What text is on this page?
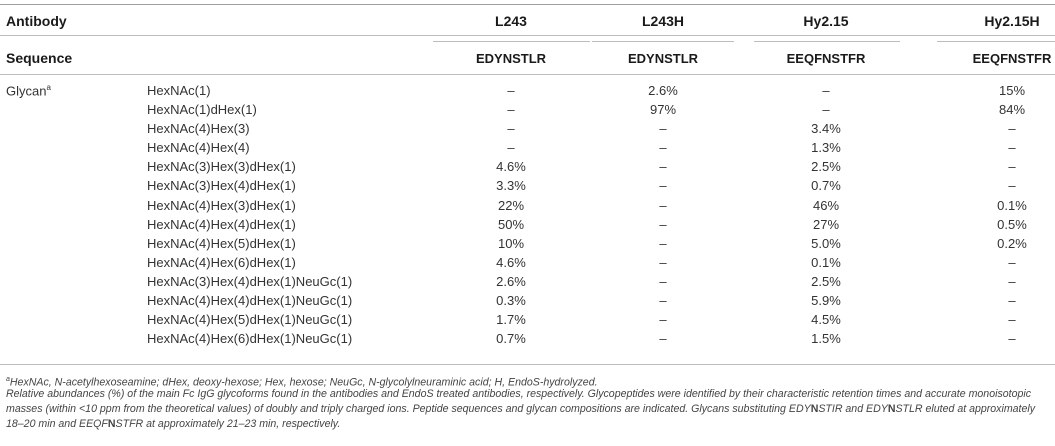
Antibody	L243	L243H	Hy2.15	Hy2.15H
Sequence	EDYNSTLR	EDYNSTLR	EEQFNSTFR	EEQFNSTFR
Glycan$^a$	HexNAc(1)	–	2.6%	–	15%
HexNAc(1)dHex(1)	–	97%	–	84%
HexNAc(4)Hex(3)	–	–	3.4%	–
HexNAc(4)Hex(4)	–	–	1.3%	–
HexNAc(3)Hex(3)dHex(1)	4.6%	–	2.5%	–
HexNAc(3)Hex(4)dHex(1)	3.3%	–	0.7%	–
HexNAc(4)Hex(3)dHex(1)	22%	–	46%	0.1%
HexNAc(4)Hex(4)dHex(1)	50%	–	27%	0.5%
HexNAc(4)Hex(5)dHex(1)	10%	–	5.0%	0.2%
HexNAc(4)Hex(6)dHex(1)	4.6%	–	0.1%	–
HexNAc(3)Hex(4)dHex(1)NeuGc(1)	2.6%	–	2.5%	–
HexNAc(4)Hex(4)dHex(1)NeuGc(1)	0.3%	–	5.9%	–
HexNAc(4)Hex(5)dHex(1)NeuGc(1)	1.7%	–	4.5%	–
HexNAc(4)Hex(6)dHex(1)NeuGc(1)	0.7%	–	1.5%	–
$^a$HexNAc, N-acetylhexoseamine; dHex, deoxy-hexose; Hex, hexose; NeuGc, N-glycolylneuraminic acid; H, EndoS-hydrolyzed.
Relative abundances (%) of the main Fc IgG glycoforms found in the antibodies and EndoS treated antibodies, respectively. Glycopeptides were identified by their characteristic retention times and accurate monoisotopic masses (within <10 ppm from the theoretical values) of doubly and triply charged ions. Peptide sequences and glycan compositions are indicated. Glycans substituting EDYNSTIR and EDYNSTLR eluted at approximately 18–20 min and EEQFNSTFR at approximately 21–23 min, respectively.
